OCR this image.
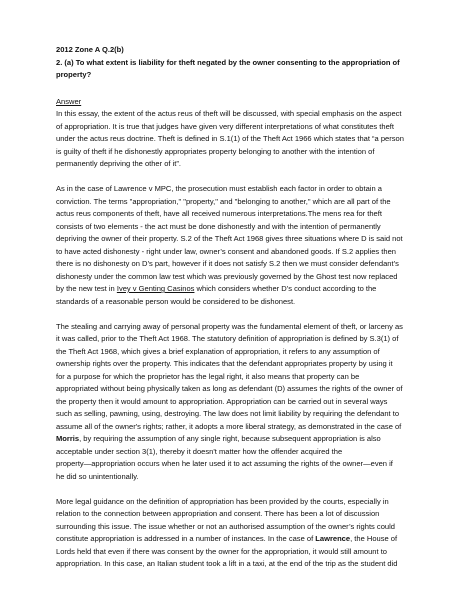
2012 Zone A Q.2(b)

2. (a) To what extent is liability for theft negated by the owner consenting to the appropriation of
property?

Answer

In this essay, the extent of the actus reus of theft will be discussed, with special emphasis on the aspect
of appropriation. It is true that judges have given very different interpretations of what constitutes theft
under the actus reus doctrine. Theft is defined in S.1(1) of the Theft Act 1966 which states that “a person
is guilty of theft if he dishonestly appropriates property belonging to another with the intention of
permanently depriving the other of it”.

As in the case of Lawrence v MPC, the prosecution must establish each factor in order to obtain a
conviction. The terms "appropriation," "property," and "belonging to another," which are all part of the
actus reus components of theft, have all received numerous interpretations.The mens rea for theft
consists of two elements - the act must be done dishonestly and with the intention of permanently
depriving the owner of their property. S.2 of the Theft Act 1968 gives three situations where D is said not
to have acted dishonesty - right under law, owner’s consent and abandoned goods. If S.2 applies then
there is no dishonesty on D’s part, however if it does not satisfy S.2 then we must consider defendant’s
dishonesty under the common law test which was previously governed by the Ghost test now replaced
by the new test in Ivey v Genting Casinos which considers whether D’s conduct according to the
standards of a reasonable person would be considered to be dishonest.

The stealing and carrying away of personal property was the fundamental element of theft, or larceny as
it was called, prior to the Theft Act 1968. The statutory definition of appropriation is defined by S.3(1) of
the Theft Act 1968, which gives a brief explanation of appropriation, it refers to any assumption of
ownership rights over the property. This indicates that the defendant appropriates property by using it
for a purpose for which the proprietor has the legal right, it also means that property can be
appropriated without being physically taken as long as defendant (D) assumes the rights of the owner of
the property then it would amount to appropriation. Appropriation can be carried out in several ways
such as selling, pawning, using, destroying. The law does not limit liability by requiring the defendant to
assume all of the owner's rights; rather, it adopts a more liberal strategy, as demonstrated in the case of
Morris, by requiring the assumption of any single right, because subsequent appropriation is also
acceptable under section 3(1), thereby it doesn't matter how the offender acquired the
property—appropriation occurs when he later used it to act assuming the rights of the owner—even if
he did so unintentionally.

More legal guidance on the definition of appropriation has been provided by the courts, especially in
relation to the connection between appropriation and consent. There has been a lot of discussion
surrounding this issue. The issue whether or not an authorised assumption of the owner’s rights could
constitute appropriation is addressed in a number of instances. In the case of Lawrence, the House of
Lords held that even if there was consent by the owner for the appropriation, it would still amount to
appropriation. In this case, an Italian student took a lift in a taxi, at the end of the trip as the student did
